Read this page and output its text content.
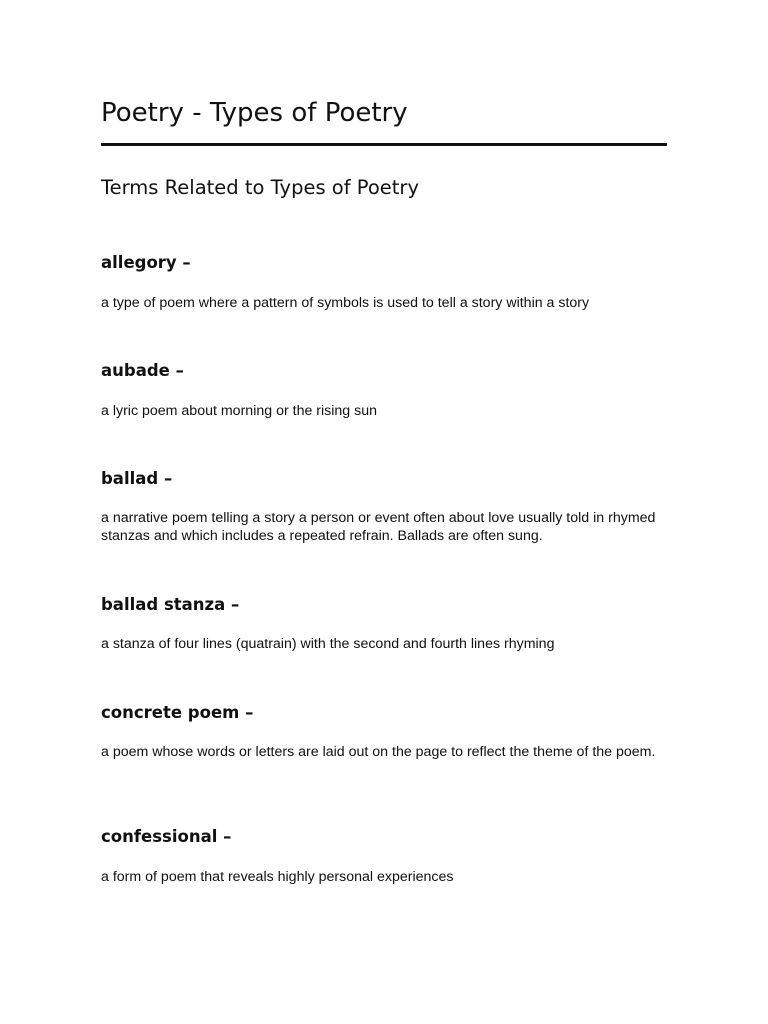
Poetry - Types of Poetry
Terms Related to Types of Poetry
allegory –

a type of poem where a pattern of symbols is used to tell a story within a story

aubade –

a lyric poem about morning or the rising sun

ballad –

a narrative poem telling a story a person or event often about love usually told in rhymed stanzas and which includes a repeated refrain. Ballads are often sung.

ballad stanza –

a stanza of four lines (quatrain) with the second and fourth lines rhyming

concrete poem –

a poem whose words or letters are laid out on the page to reflect the theme of the poem.

confessional –

a form of poem that reveals highly personal experiences
